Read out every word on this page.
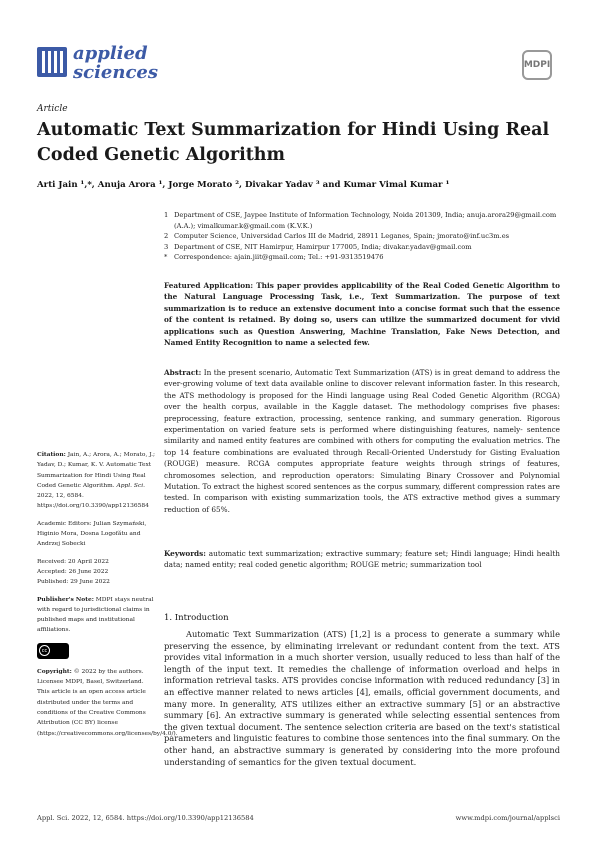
applied
sciences	MDPI
Article
Automatic Text Summarization for Hindi Using Real Coded Genetic Algorithm
Arti Jain ¹,*, Anuja Arora ¹, Jorge Morato ², Divakar Yadav ³ and Kumar Vimal Kumar ¹
1 Department of CSE, Jaypee Institute of Information Technology, Noida 201309, India; anuja.arora29@gmail.com (A.A.); vimalkumar.k@gmail.com (K.V.K.)
2 Computer Science, Universidad Carlos III de Madrid, 28911 Leganes, Spain; jmorato@inf.uc3m.es
3 Department of CSE, NIT Hamirpur, Hamirpur 177005, India; divakar.yadav@gmail.com
* Correspondence: ajain.jiit@gmail.com; Tel.: +91-9313519476
Featured Application: This paper provides applicability of the Real Coded Genetic Algorithm to the Natural Language Processing Task, i.e., Text Summarization. The purpose of text summarization is to reduce an extensive document into a concise format such that the essence of the content is retained. By doing so, users can utilize the summarized document for vivid applications such as Question Answering, Machine Translation, Fake News Detection, and Named Entity Recognition to name a selected few.
Abstract: In the present scenario, Automatic Text Summarization (ATS) is in great demand to address the ever-growing volume of text data available online to discover relevant information faster. In this research, the ATS methodology is proposed for the Hindi language using Real Coded Genetic Algorithm (RCGA) over the health corpus, available in the Kaggle dataset. The methodology comprises five phases: preprocessing, feature extraction, processing, sentence ranking, and summary generation. Rigorous experimentation on varied feature sets is performed where distinguishing features, namely- sentence similarity and named entity features are combined with others for computing the evaluation metrics. The top 14 feature combinations are evaluated through Recall-Oriented Understudy for Gisting Evaluation (ROUGE) measure. RCGA computes appropriate feature weights through strings of features, chromosomes selection, and reproduction operators: Simulating Binary Crossover and Polynomial Mutation. To extract the highest scored sentences as the corpus summary, different compression rates are tested. In comparison with existing summarization tools, the ATS extractive method gives a summary reduction of 65%.
Keywords: automatic text summarization; extractive summary; feature set; Hindi language; Hindi health data; named entity; real coded genetic algorithm; ROUGE metric; summarization tool

Citation: Jain, A.; Arora, A.; Morato, J.; Yadav, D.; Kumar, K. V. Automatic Text Summarization for Hindi Using Real Coded Genetic Algorithm. Appl. Sci. 2022, 12, 6584. https://doi.org/10.3390/app12136584

Academic Editors: Julian Szymański, Higinio Mora, Dosna Logofătu and Andrzej Sobecki

Received: 20 April 2022
Accepted: 26 June 2022
Published: 29 June 2022

Publisher's Note: MDPI stays neutral with regard to jurisdictional claims in published maps and institutional affiliations.

cc

Copyright: © 2022 by the authors. Licensee MDPI, Basel, Switzerland. This article is an open access article distributed under the terms and conditions of the Creative Commons Attribution (CC BY) license (https://creativecommons.org/licenses/by/4.0/).

1. Introduction
Automatic Text Summarization (ATS) [1,2] is a process to generate a summary while preserving the essence, by eliminating irrelevant or redundant content from the text. ATS provides vital information in a much shorter version, usually reduced to less than half of the length of the input text. It remedies the challenge of information overload and helps in information retrieval tasks. ATS provides concise information with reduced redundancy [3] in an effective manner related to news articles [4], emails, official government documents, and many more. In generality, ATS utilizes either an extractive summary [5] or an abstractive summary [6]. An extractive summary is generated while selecting essential sentences from the given textual document. The sentence selection criteria are based on the text's statistical parameters and linguistic features to combine those sentences into the final summary. On the other hand, an abstractive summary is generated by considering into the more profound understanding of semantics for the given textual document.
Appl. Sci. 2022, 12, 6584. https://doi.org/10.3390/app12136584	www.mdpi.com/journal/applsci
